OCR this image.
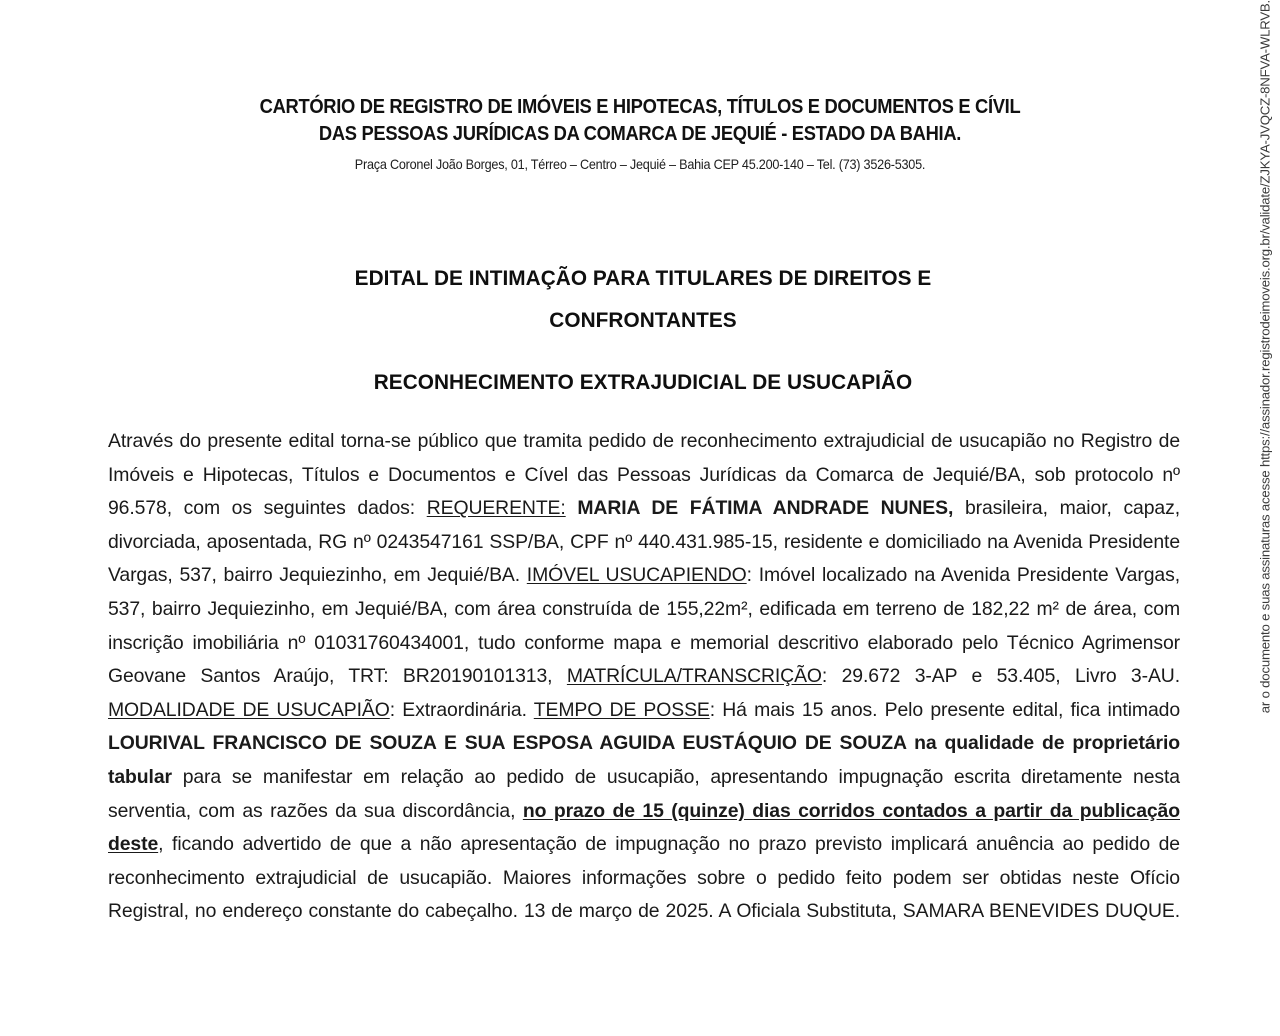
CARTÓRIO DE REGISTRO DE IMÓVEIS E HIPOTECAS, TÍTULOS E DOCUMENTOS E CÍVIL
DAS PESSOAS JURÍDICAS DA COMARCA DE JEQUIÉ - ESTADO DA BAHIA.
Praça Coronel João Borges, 01, Térreo – Centro – Jequié – Bahia CEP 45.200-140 – Tel. (73) 3526-5305.
EDITAL DE INTIMAÇÃO PARA TITULARES DE DIREITOS E
CONFRONTANTES
RECONHECIMENTO EXTRAJUDICIAL DE USUCAPIÃO
Através do presente edital torna-se público que tramita pedido de reconhecimento extrajudicial de usucapião no Registro de Imóveis e Hipotecas, Títulos e Documentos e Cível das Pessoas Jurídicas da Comarca de Jequié/BA, sob protocolo nº 96.578, com os seguintes dados: REQUERENTE: MARIA DE FÁTIMA ANDRADE NUNES, brasileira, maior, capaz, divorciada, aposentada, RG nº 0243547161 SSP/BA, CPF nº 440.431.985-15, residente e domiciliado na Avenida Presidente Vargas, 537, bairro Jequiezinho, em Jequié/BA. IMÓVEL USUCAPIENDO: Imóvel localizado na Avenida Presidente Vargas, 537, bairro Jequiezinho, em Jequié/BA, com área construída de 155,22m², edificada em terreno de 182,22 m² de área, com inscrição imobiliária nº 01031760434001, tudo conforme mapa e memorial descritivo elaborado pelo Técnico Agrimensor Geovane Santos Araújo, TRT: BR20190101313, MATRÍCULA/TRANSCRIÇÃO: 29.672 3-AP e 53.405, Livro 3-AU. MODALIDADE DE USUCAPIÃO: Extraordinária. TEMPO DE POSSE: Há mais 15 anos. Pelo presente edital, fica intimado LOURIVAL FRANCISCO DE SOUZA E SUA ESPOSA AGUIDA EUSTÁQUIO DE SOUZA na qualidade de proprietário tabular para se manifestar em relação ao pedido de usucapião, apresentando impugnação escrita diretamente nesta serventia, com as razões da sua discordância, no prazo de 15 (quinze) dias corridos contados a partir da publicação deste, ficando advertido de que a não apresentação de impugnação no prazo previsto implicará anuência ao pedido de reconhecimento extrajudicial de usucapião. Maiores informações sobre o pedido feito podem ser obtidas neste Ofício Registral, no endereço constante do cabeçalho. 13 de março de 2025. A Oficiala Substituta, SAMARA BENEVIDES DUQUE.
ar o documento e suas assinaturas acesse https://assinador.registrodeimoveis.org.br/validate/ZJKYA-JVQCZ-8NFVA-WLRVB.
